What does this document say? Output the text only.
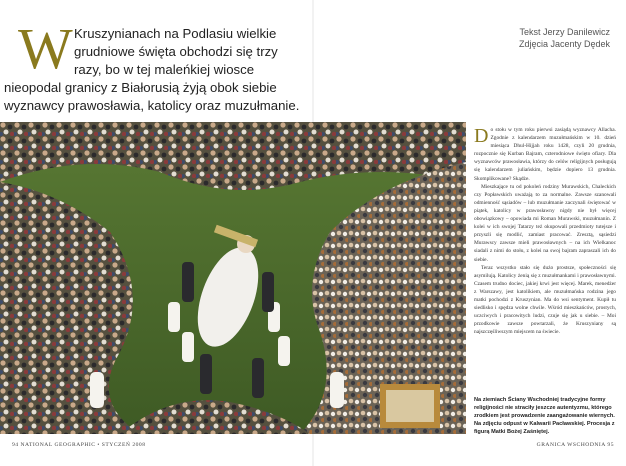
W Kruszynianach na Podlasiu wielkie
grudniowe święta obchodzi się trzy
razy, bo w tej maleńkiej wiosce
nieopodal granicy z Białorusią żyją obok siebie
wyznawcy prawosławia, katolicy oraz muzułmanie.
Tekst Jerzy Danilewicz
Zdjęcia Jacenty Dędek

Do stołu w tym roku pierwsi zasiądą wyznawcy Allacha. Zgodnie z kalendarzem muzułmańskim w 10. dzień miesiąca Dhul-Hijjah roku 1428, czyli 20 grudnia, rozpocznie się Kurban Bajram, czterodniowe święto ofiary. Dla wyznawców prawosławia, którzy do celów religijnych posługują się kalendarzem juliańskim, będzie dopiero 13 grudnia. Skomplikowane? Skądże.

Mieszkające tu od pokoleń rodziny Murawskich, Chaleckich czy Popławskich uważają to za normalne. Zawsze szanowali odmienność sąsiadów – lub muzułmanie zaczynali świętować w piątek, katolicy w prawosławny nigdy nie był więcej obowiązkowy – opowiada mi Roman Murawski, muzułmanin. Z kolei w ich swojej Tatarzy też okupowali przedmioty tutejsze i przyszli się modlić, zamiast pracować. Zresztą, sąsiedzi Murawscy zawsze mieli prawosławnych – na ich Wielkanoc siadali z nimi do stołu, z kolei na swoj bajram zapraszali ich do siebie.

Teraz wszystko stało się dużo prostsze, społeczności się asymilują. Katolicy żenią się z muzułmankami i prawosławnymi. Czasem trudno dociec, jakiej krwi jest więcej. Marek, menedżer z Warszawy, jest katolikiem, ale muzułmańska rodzina jego matki pochodzi z Kruszynian. Ma do wsi sentyment. Kupił tu siedlisko i spędza wolne chwile. Wśród mieszkańców, prostych, uczciwych i pracowitych ludzi, czuje się jak u siebie. – Moi przodkowie zawsze powtarzali, że Kruszyniany są najszczęśliwszym miejscem na świecie.

Na ziemiach Ściany Wschodniej tradycyjne formy religijności nie straciły jeszcze autentyzmu, którego zrodkiem jest prowadzenie zaangażowanie wiernych. Na zdjęciu odpust w Kalwarii Pacławskiej. Procesja z figurą Matki Bożej Zaśniętej.
94 NATIONAL GEOGRAPHIC • STYCZEŃ 2008	GRANICA WSCHODNIA 95
